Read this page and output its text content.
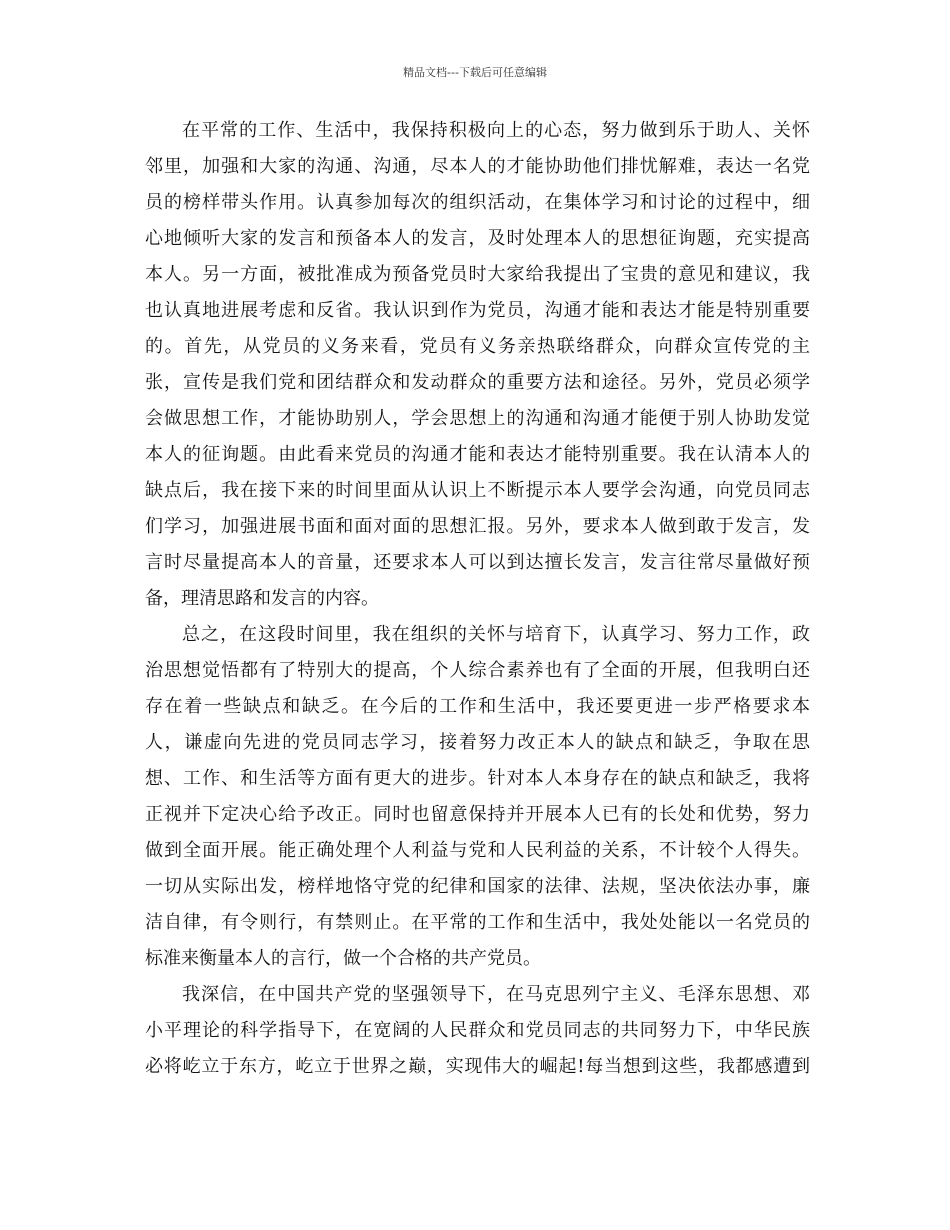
精品文档---下载后可任意编辑
在平常的工作、生活中，我保持积极向上的心态，努力做到乐于助人、关怀
邻里，加强和大家的沟通、沟通，尽本人的才能协助他们排忧解难，表达一名党
员的榜样带头作用。认真参加每次的组织活动，在集体学习和讨论的过程中，细
心地倾听大家的发言和预备本人的发言，及时处理本人的思想征询题，充实提高
本人。另一方面，被批准成为预备党员时大家给我提出了宝贵的意见和建议，我
也认真地进展考虑和反省。我认识到作为党员，沟通才能和表达才能是特别重要
的。首先，从党员的义务来看，党员有义务亲热联络群众，向群众宣传党的主
张，宣传是我们党和团结群众和发动群众的重要方法和途径。另外，党员必须学
会做思想工作，才能协助别人，学会思想上的沟通和沟通才能便于别人协助发觉
本人的征询题。由此看来党员的沟通才能和表达才能特别重要。我在认清本人的
缺点后，我在接下来的时间里面从认识上不断提示本人要学会沟通，向党员同志
们学习，加强进展书面和面对面的思想汇报。另外，要求本人做到敢于发言，发
言时尽量提高本人的音量，还要求本人可以到达擅长发言，发言往常尽量做好预
备，理清思路和发言的内容。
总之，在这段时间里，我在组织的关怀与培育下，认真学习、努力工作，政
治思想觉悟都有了特别大的提高，个人综合素养也有了全面的开展，但我明白还
存在着一些缺点和缺乏。在今后的工作和生活中，我还要更进一步严格要求本
人，谦虚向先进的党员同志学习，接着努力改正本人的缺点和缺乏，争取在思
想、工作、和生活等方面有更大的进步。针对本人本身存在的缺点和缺乏，我将
正视并下定决心给予改正。同时也留意保持并开展本人已有的长处和优势，努力
做到全面开展。能正确处理个人利益与党和人民利益的关系，不计较个人得失。
一切从实际出发，榜样地恪守党的纪律和国家的法律、法规，坚决依法办事，廉
洁自律，有令则行，有禁则止。在平常的工作和生活中，我处处能以一名党员的
标准来衡量本人的言行，做一个合格的共产党员。
我深信，在中国共产党的坚强领导下，在马克思列宁主义、毛泽东思想、邓
小平理论的科学指导下，在宽阔的人民群众和党员同志的共同努力下，中华民族
必将屹立于东方，屹立于世界之巅，实现伟大的崛起!每当想到这些，我都感遭到
